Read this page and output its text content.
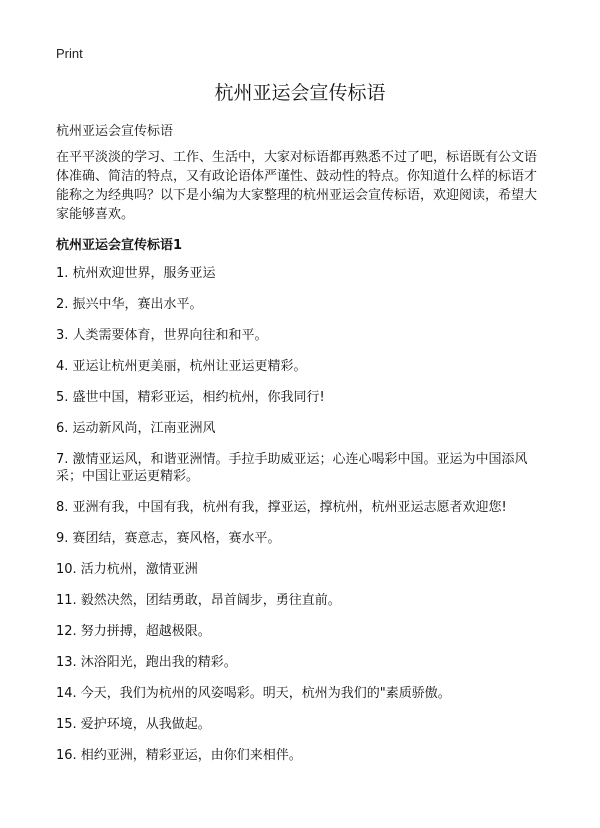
Print
杭州亚运会宣传标语

杭州亚运会宣传标语

在平平淡淡的学习、工作、生活中，大家对标语都再熟悉不过了吧，标语既有公文语体准确、简洁的特点，又有政论语体严谨性、鼓动性的特点。你知道什么样的标语才能称之为经典吗？以下是小编为大家整理的杭州亚运会宣传标语，欢迎阅读，希望大家能够喜欢。

杭州亚运会宣传标语1
1. 杭州欢迎世界，服务亚运
2. 振兴中华，赛出水平。
3. 人类需要体育，世界向往和和平。
4. 亚运让杭州更美丽，杭州让亚运更精彩。
5. 盛世中国，精彩亚运，相约杭州，你我同行!
6. 运动新风尚，江南亚洲风
7. 激情亚运风，和谐亚洲情。手拉手助威亚运；心连心喝彩中国。亚运为中国添风采；中国让亚运更精彩。
8. 亚洲有我，中国有我，杭州有我，撑亚运，撑杭州，杭州亚运志愿者欢迎您!
9. 赛团结，赛意志，赛风格，赛水平。
10. 活力杭州，激情亚洲
11. 毅然决然，团结勇敢，昂首阔步，勇往直前。
12. 努力拼搏，超越极限。
13. 沐浴阳光，跑出我的精彩。
14. 今天，我们为杭州的风姿喝彩。明天，杭州为我们的"素质骄傲。
15. 爱护环境，从我做起。
16. 相约亚洲，精彩亚运，由你们来相伴。
